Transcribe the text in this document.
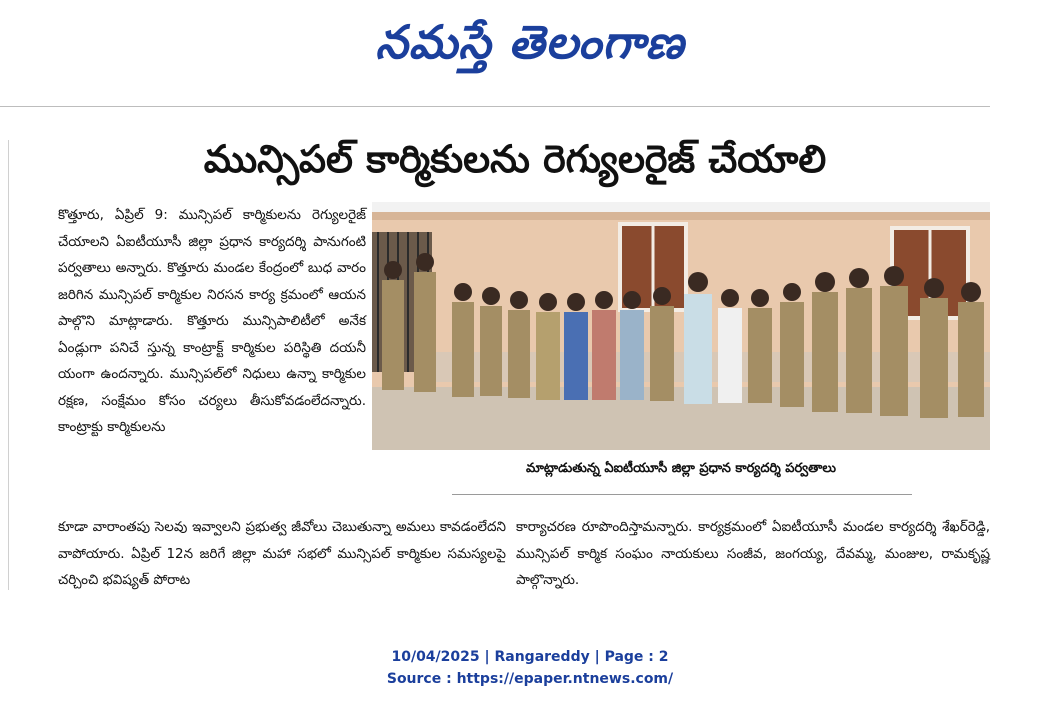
నమస్తే తెలంగాణ
మున్సిపల్ కార్మికులను రెగ్యులరైజ్ చేయాలి

కొత్తూరు, ఏప్రిల్ 9: మున్సిపల్ కార్మికులను రెగ్యులరైజ్ చేయాలని ఏఐటీయూసీ జిల్లా ప్రధాన కార్యదర్శి పానుగంటి పర్వతాలు అన్నారు. కొత్తూరు మండల కేంద్రంలో బుధ వారం జరిగిన మున్సిపల్ కార్మికుల నిరసన కార్య క్రమంలో ఆయన పాల్గొని మాట్లాడారు. కొత్తూరు మున్సిపాలిటీలో అనేక ఏండ్లుగా పనిచే స్తున్న కాంట్రాక్ట్ కార్మికుల పరిస్థితి దయనీ యంగా ఉందన్నారు. మున్సిపల్‌లో నిధులు ఉన్నా కార్మికుల రక్షణ, సంక్షేమం కోసం చర్యలు తీసుకోవడంలేదన్నారు. కాంట్రాక్టు కార్మికులను

మాట్లాడుతున్న ఏఐటీయూసీ జిల్లా ప్రధాన కార్యదర్శి పర్వతాలు

కూడా వారాంతపు సెలవు ఇవ్వాలని ప్రభుత్వ జీవోలు చెబుతున్నా అమలు కావడంలేదని వాపోయారు. ఏప్రిల్ 12న జరిగే జిల్లా మహా సభలో మున్సిపల్ కార్మికుల సమస్యలపై చర్చించి భవిష్యత్ పోరాట

కార్యాచరణ రూపొందిస్తామన్నారు. కార్యక్రమంలో ఏఐటీయూసీ మండల కార్యదర్శి శేఖర్‌రెడ్డి, మున్సిపల్ కార్మిక సంఘం నాయకులు సంజీవ, జంగయ్య, దేవమ్మ, మంజుల, రామకృష్ణ పాల్గొన్నారు.

10/04/2025 | Rangareddy | Page : 2
Source : https://epaper.ntnews.com/
